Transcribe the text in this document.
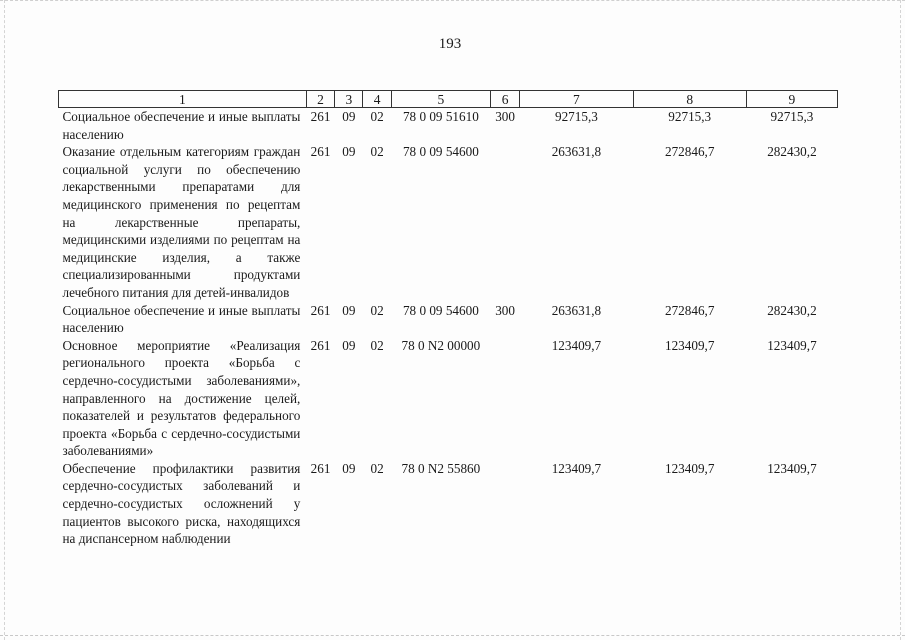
193
1	2	3	4	5	6	7	8	9
Социальное обеспечение и иные выплаты населению	261	09	02	78 0 09 51610	300	92715,3	92715,3	92715,3
Оказание отдельным категориям граждан социальной услуги по обеспечению лекарственными препаратами для медицинского применения по рецептам на лекарственные препараты, медицинскими изделиями по рецептам на медицинские изделия, а также специализированными продуктами лечебного питания для детей-инвалидов	261	09	02	78 0 09 54600		263631,8	272846,7	282430,2
Социальное обеспечение и иные выплаты населению	261	09	02	78 0 09 54600	300	263631,8	272846,7	282430,2
Основное мероприятие «Реализация регионального проекта «Борьба с сердечно-сосудистыми заболеваниями», направленного на достижение целей, показателей и результатов федерального проекта «Борьба с сердечно-сосудистыми заболеваниями»	261	09	02	78 0 N2 00000		123409,7	123409,7	123409,7
Обеспечение профилактики развития сердечно-сосудистых заболеваний и сердечно-сосудистых осложнений у пациентов высокого риска, находящихся на диспансерном наблюдении	261	09	02	78 0 N2 55860		123409,7	123409,7	123409,7
